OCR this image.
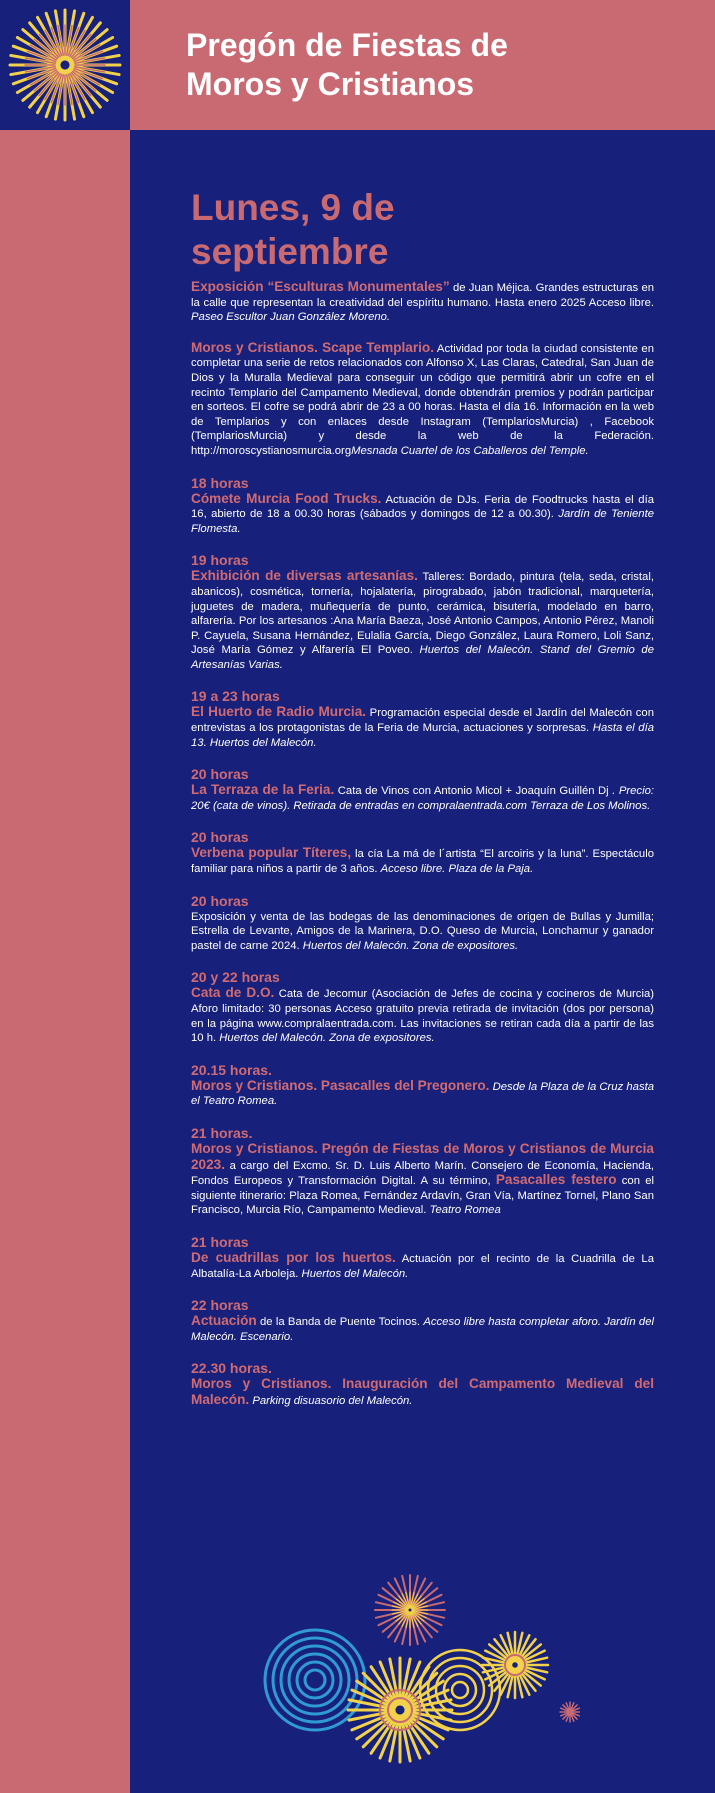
Pregón de Fiestas de
Moros y Cristianos
Lunes, 9 de
septiembre

Exposición “Esculturas Monumentales” de Juan Méjica. Grandes estructuras en la calle que representan la creatividad del espíritu humano. Hasta enero 2025 Acceso libre. Paseo Escultor Juan González Moreno.

Moros y Cristianos. Scape Templario. Actividad por toda la ciudad consistente en completar una serie de retos relacionados con Alfonso X, Las Claras, Catedral, San Juan de Dios y la Muralla Medieval para conseguir un código que permitirá abrir un cofre en el recinto Templario del Campamento Medieval, donde obtendrán premios y podrán participar en sorteos. El cofre se podrá abrir de 23 a 00 horas. Hasta el día 16. Información en la web de Templarios y con enlaces desde Instagram (TemplariosMurcia) , Facebook (TemplariosMurcia) y desde la web de la Federación. http://moroscystianosmurcia.orgMesnada Cuartel de los Caballeros del Temple.

18 horas
Cómete Murcia Food Trucks. Actuación de DJs. Feria de Foodtrucks hasta el día 16, abierto de 18 a 00.30 horas (sábados y domingos de 12 a 00.30). Jardín de Teniente Flomesta.

19 horas
Exhibición de diversas artesanías. Talleres: Bordado, pintura (tela, seda, cristal, abanicos), cosmética, tornería, hojalatería, pirograbado, jabón tradicional, marquetería, juguetes de madera, muñequería de punto, cerámica, bisutería, modelado en barro, alfarería. Por los artesanos :Ana María Baeza, José Antonio Campos, Antonio Pérez, Manoli P. Cayuela, Susana Hernández, Eulalia García, Diego González, Laura Romero, Loli Sanz, José María Gómez y Alfarería El Poveo. Huertos del Malecón. Stand del Gremio de Artesanías Varias.

19 a 23 horas
El Huerto de Radio Murcia. Programación especial desde el Jardín del Malecón con entrevistas a los protagonistas de la Feria de Murcia, actuaciones y sorpresas. Hasta el día 13. Huertos del Malecón.

20 horas
La Terraza de la Feria. Cata de Vinos con Antonio Micol + Joaquín Guillén Dj . Precio: 20€ (cata de vinos). Retirada de entradas en compralaentrada.com Terraza de Los Molinos.

20 horas
Verbena popular Títeres, la cía La má de l´artista “El arcoiris y la luna”. Espectáculo familiar para niños a partir de 3 años. Acceso libre. Plaza de la Paja.

20 horas
Exposición y venta de las bodegas de las denominaciones de origen de Bullas y Jumilla; Estrella de Levante, Amigos de la Marinera, D.O. Queso de Murcia, Lonchamur y ganador pastel de carne 2024. Huertos del Malecón. Zona de expositores.

20 y 22 horas
Cata de D.O. Cata de Jecomur (Asociación de Jefes de cocina y cocineros de Murcia) Aforo limitado: 30 personas Acceso gratuito previa retirada de invitación (dos por persona) en la página www.compralaentrada.com. Las invitaciones se retiran cada día a partir de las 10 h. Huertos del Malecón. Zona de expositores.

20.15 horas.
Moros y Cristianos. Pasacalles del Pregonero. Desde la Plaza de la Cruz hasta el Teatro Romea.

21 horas.
Moros y Cristianos. Pregón de Fiestas de Moros y Cristianos de Murcia 2023. a cargo del Excmo. Sr. D. Luis Alberto Marín. Consejero de Economía, Hacienda, Fondos Europeos y Transformación Digital. A su término, Pasacalles festero con el siguiente itinerario: Plaza Romea, Fernández Ardavín, Gran Vía, Martínez Tornel, Plano San Francisco, Murcia Río, Campamento Medieval. Teatro Romea

21 horas
De cuadrillas por los huertos. Actuación por el recinto de la Cuadrilla de La Albatalía-La Arboleja. Huertos del Malecón.

22 horas
Actuación de la Banda de Puente Tocinos. Acceso libre hasta completar aforo. Jardín del Malecón. Escenario.

22.30 horas.
Moros y Cristianos. Inauguración del Campamento Medieval del Malecón. Parking disuasorio del Malecón.
